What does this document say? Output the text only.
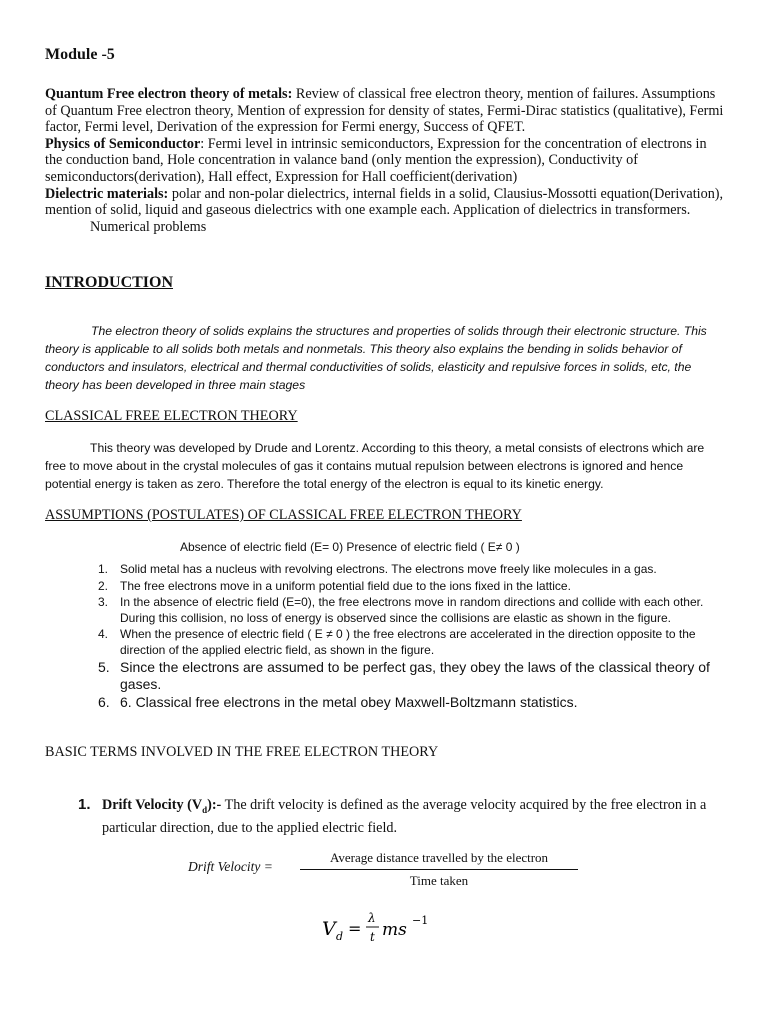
Module -5

Quantum Free electron theory of metals: Review of classical free electron theory, mention of failures. Assumptions of Quantum Free electron theory, Mention of expression for density of states, Fermi-Dirac statistics (qualitative), Fermi factor, Fermi level, Derivation of the expression for Fermi energy, Success of QFET.

Physics of Semiconductor: Fermi level in intrinsic semiconductors, Expression for the concentration of electrons in the conduction band, Hole concentration in valance band (only mention the expression), Conductivity of semiconductors(derivation), Hall effect, Expression for Hall coefficient(derivation)

Dielectric materials: polar and non-polar dielectrics, internal fields in a solid, Clausius-Mossotti equation(Derivation), mention of solid, liquid and gaseous dielectrics with one example each. Application of dielectrics in transformers.

Numerical problems

INTRODUCTION
The electron theory of solids explains the structures and properties of solids through their electronic structure. This theory is applicable to all solids both metals and nonmetals. This theory also explains the bending in solids behavior of conductors and insulators, electrical and thermal conductivities of solids, elasticity and repulsive forces in solids, etc, the theory has been developed in three main stages
CLASSICAL FREE ELECTRON THEORY
This theory was developed by Drude and Lorentz. According to this theory, a metal consists of electrons which are free to move about in the crystal molecules of gas it contains mutual repulsion between electrons is ignored and hence potential energy is taken as zero. Therefore the total energy of the electron is equal to its kinetic energy.
ASSUMPTIONS (POSTULATES) OF CLASSICAL FREE ELECTRON THEORY
Absence of electric field (E= 0) Presence of electric field ( E≠ 0 )
1. Solid metal has a nucleus with revolving electrons. The electrons move freely like molecules in a gas.
2. The free electrons move in a uniform potential field due to the ions fixed in the lattice.
3. In the absence of electric field (E=0), the free electrons move in random directions and collide with each other. During this collision, no loss of energy is observed since the collisions are elastic as shown in the figure.
4. When the presence of electric field ( E ≠ 0 ) the free electrons are accelerated in the direction opposite to the direction of the applied electric field, as shown in the figure.
5. Since the electrons are assumed to be perfect gas, they obey the laws of the classical theory of gases.
6. 6. Classical free electrons in the metal obey Maxwell-Boltzmann statistics.
BASIC TERMS INVOLVED IN THE FREE ELECTRON THEORY
1. Drift Velocity $(V_d):-$ The drift velocity is defined as the average velocity acquired by the free electron in a particular direction, due to the applied electric field.
Drift Velocity =
Average distance travelled by the electron
Time taken
V d =
λ
t ms −1
